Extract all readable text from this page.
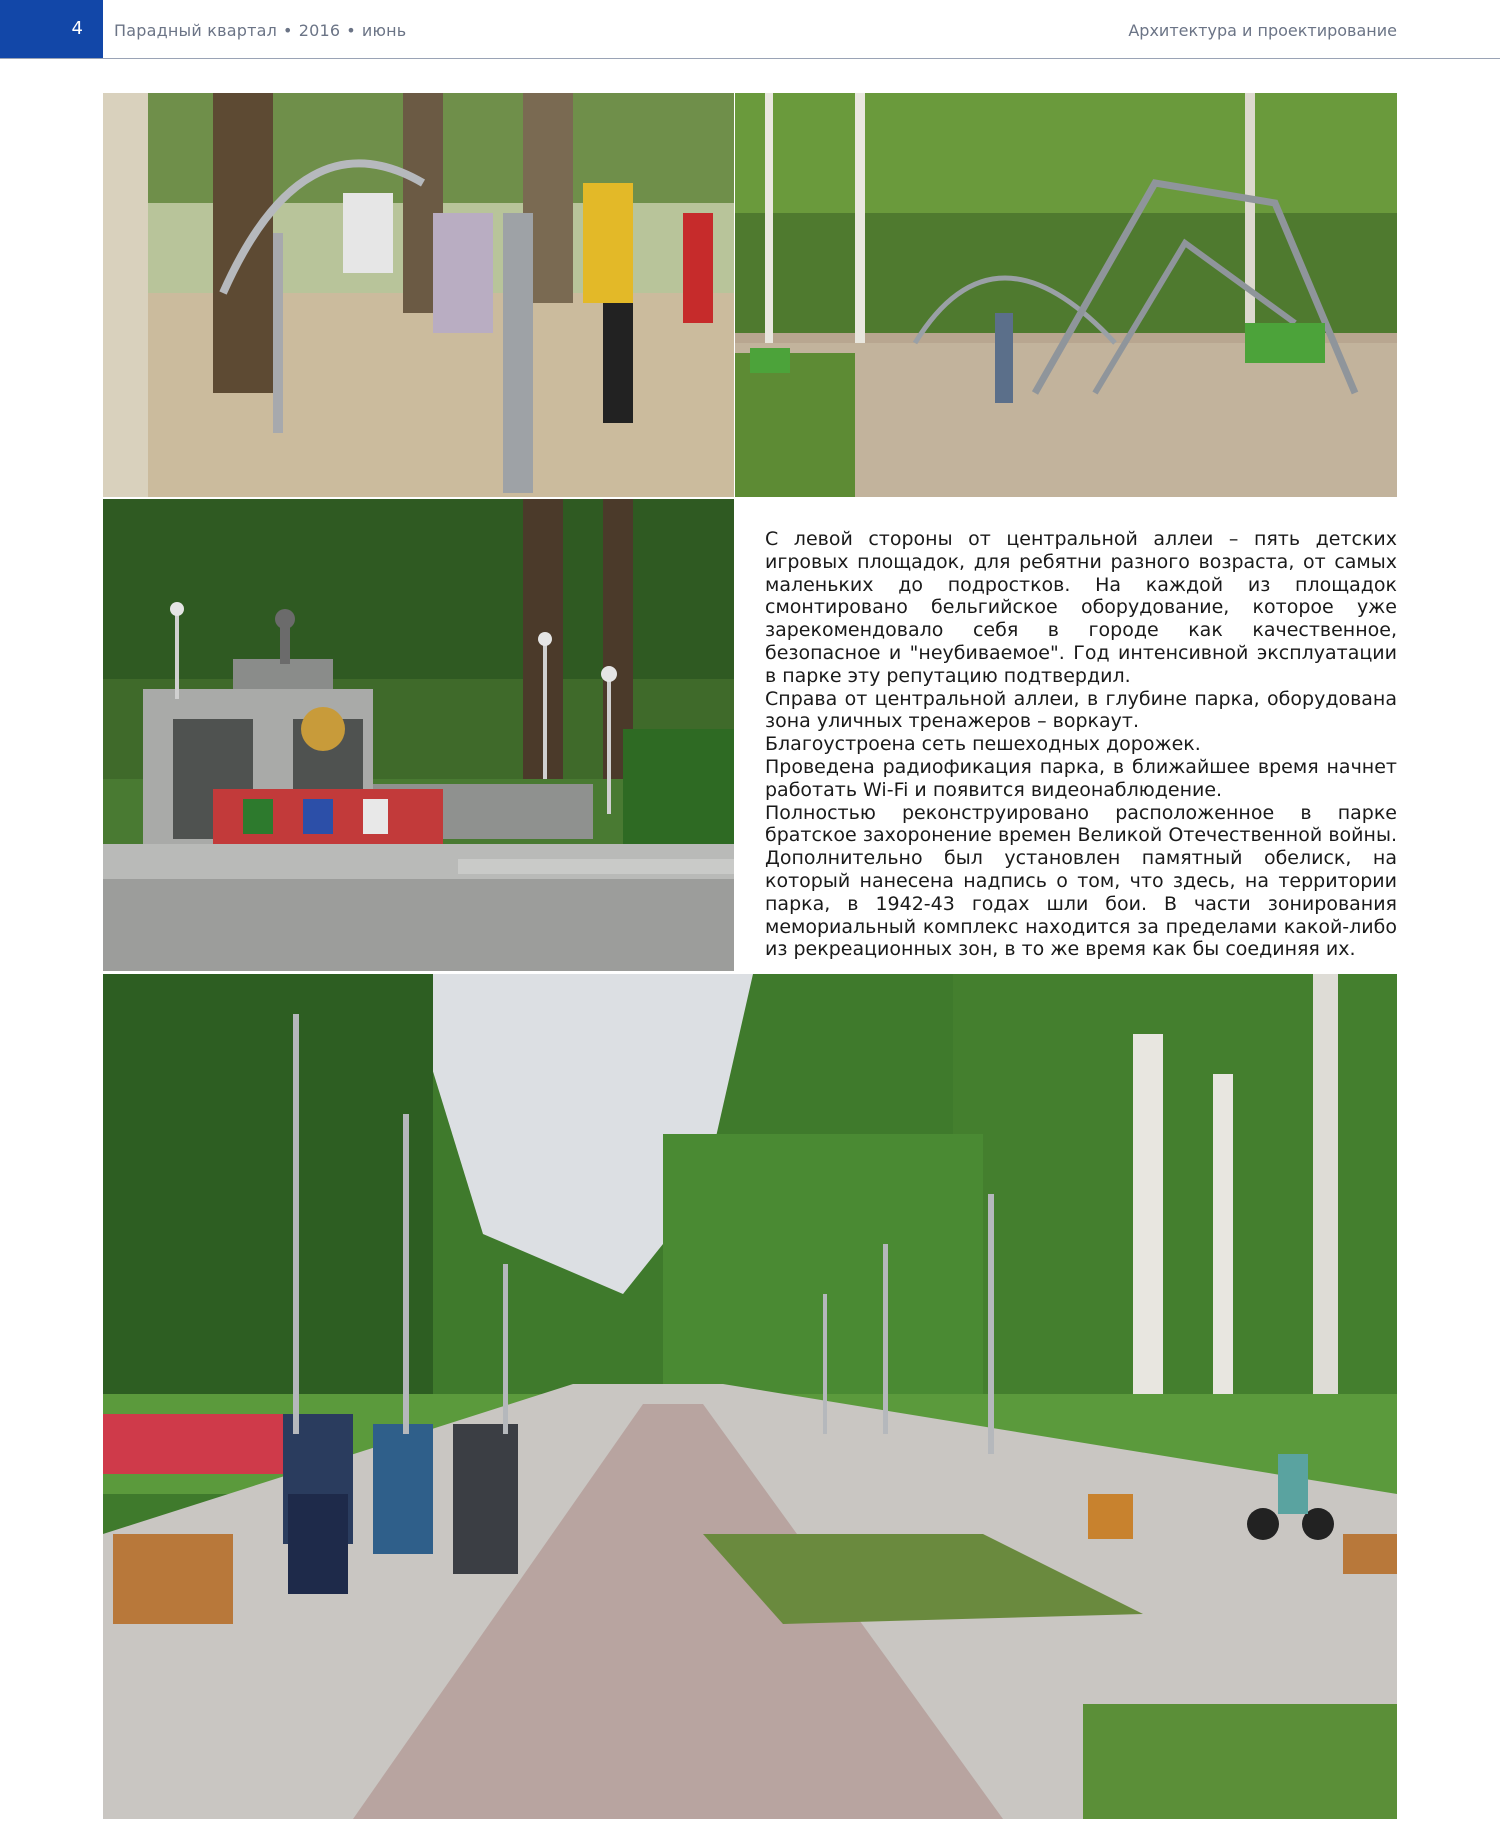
4	Парадный квартал • 2016 • июнь	Архитектура и проектирование

С левой стороны от центральной аллеи – пять детских игровых площадок, для ребятни разного возраста, от самых маленьких до подростков. На каждой из площадок смонтировано бельгийское оборудование, которое уже зарекомендовало себя в городе как качественное, безопасное и "неубиваемое". Год интенсивной эксплуатации в парке эту репутацию подтвердил.

Справа от центральной аллеи, в глубине парка, оборудована зона уличных тренажеров – воркаут.

Благоустроена сеть пешеходных дорожек.

Проведена радиофикация парка, в ближайшее время начнет работать Wi-Fi и появится видеонаблюдение.

Полностью реконструировано расположенное в парке братское захоронение времен Великой Отечественной войны. Дополнительно был установлен памятный обелиск, на который нанесена надпись о том, что здесь, на территории парка, в 1942-43 годах шли бои. В части зонирования мемориальный комплекс находится за пределами какой-либо из рекреационных зон, в то же время как бы соединяя их.
